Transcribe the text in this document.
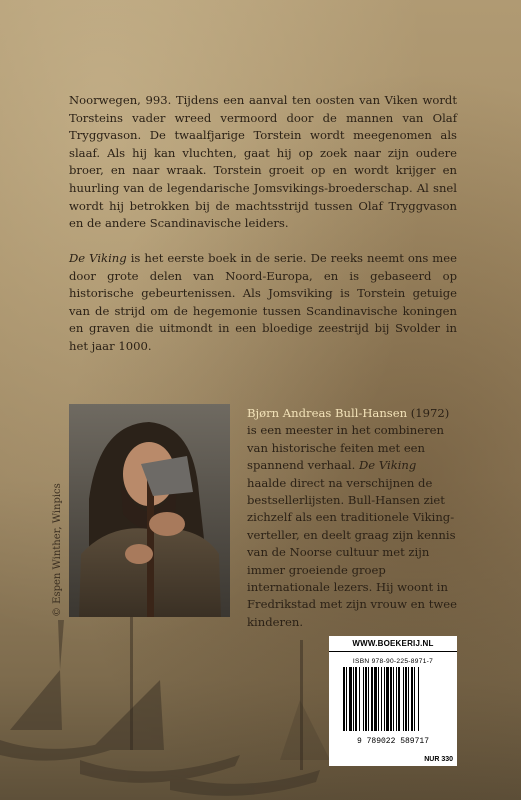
Noorwegen, 993. Tijdens een aanval ten oosten van Viken wordt Torsteins vader wreed vermoord door de mannen van Olaf Tryggvason. De twaalfjarige Torstein wordt meegenomen als slaaf. Als hij kan vluchten, gaat hij op zoek naar zijn oudere broer, en naar wraak. Torstein groeit op en wordt krijger en huurling van de legendarische Jomsvikings-broederschap. Al snel wordt hij betrokken bij de machtsstrijd tussen Olaf Tryggvason en de andere Scandinavische leiders.

De Viking is het eerste boek in de serie. De reeks neemt ons mee door grote delen van Noord-Europa, en is gebaseerd op historische gebeurtenissen. Als Jomsviking is Torstein getuige van de strijd om de hegemonie tussen Scandinavische koningen en graven die uitmondt in een bloedige zeestrijd bij Svolder in het jaar 1000.

© Espen Winther, Winpics

Bjørn Andreas Bull-Hansen (1972) is een meester in het combineren van historische feiten met een spannend verhaal. De Viking haalde direct na verschijnen de bestsellerlijsten. Bull-Hansen ziet zichzelf als een traditionele Viking-verteller, en deelt graag zijn kennis van de Noorse cultuur met zijn immer groeiende groep internationale lezers. Hij woont in Fredrikstad met zijn vrouw en twee kinderen.

WWW.BOEKERIJ.NL
ISBN 978-90-225-8971-7
9 789022 589717
NUR 330
